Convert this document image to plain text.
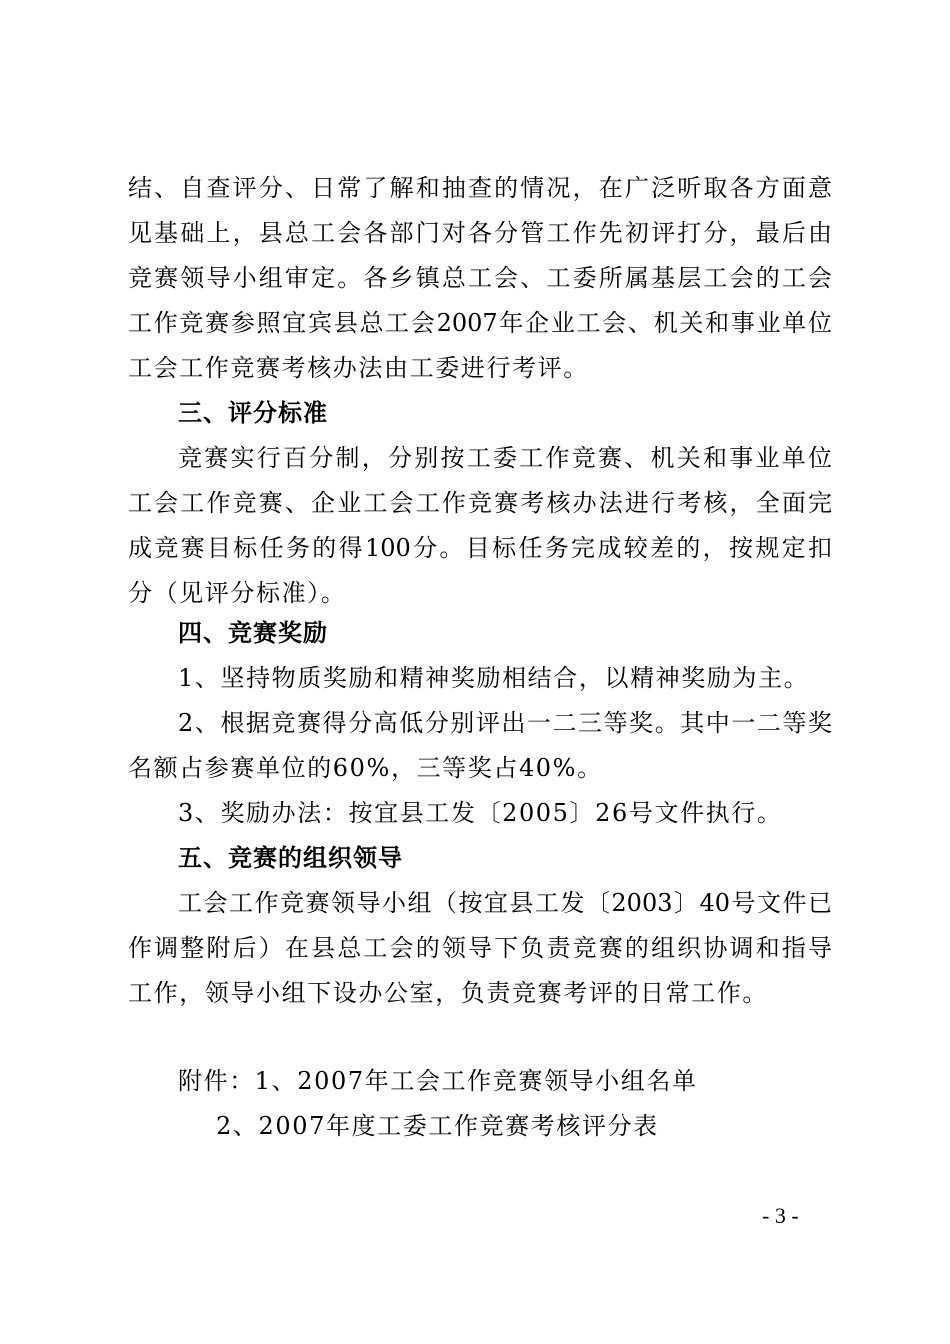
结、自查评分、日常了解和抽查的情况，在广泛听取各方面意
见基础上，县总工会各部门对各分管工作先初评打分，最后由
竞赛领导小组审定。各乡镇总工会、工委所属基层工会的工会
工作竞赛参照宜宾县总工会2007年企业工会、机关和事业单位
工会工作竞赛考核办法由工委进行考评。
三、评分标准
竞赛实行百分制，分别按工委工作竞赛、机关和事业单位
工会工作竞赛、企业工会工作竞赛考核办法进行考核，全面完
成竞赛目标任务的得100分。目标任务完成较差的，按规定扣
分（见评分标准）。
四、竞赛奖励
1、坚持物质奖励和精神奖励相结合，以精神奖励为主。
2、根据竞赛得分高低分别评出一二三等奖。其中一二等奖
名额占参赛单位的60%，三等奖占40%。
3、奖励办法：按宜县工发〔2005〕26号文件执行。
五、竞赛的组织领导
工会工作竞赛领导小组（按宜县工发〔2003〕40号文件已
作调整附后）在县总工会的领导下负责竞赛的组织协调和指导
工作，领导小组下设办公室，负责竞赛考评的日常工作。
附件：1、2007年工会工作竞赛领导小组名单
2、2007年度工委工作竞赛考核评分表
- 3 -
